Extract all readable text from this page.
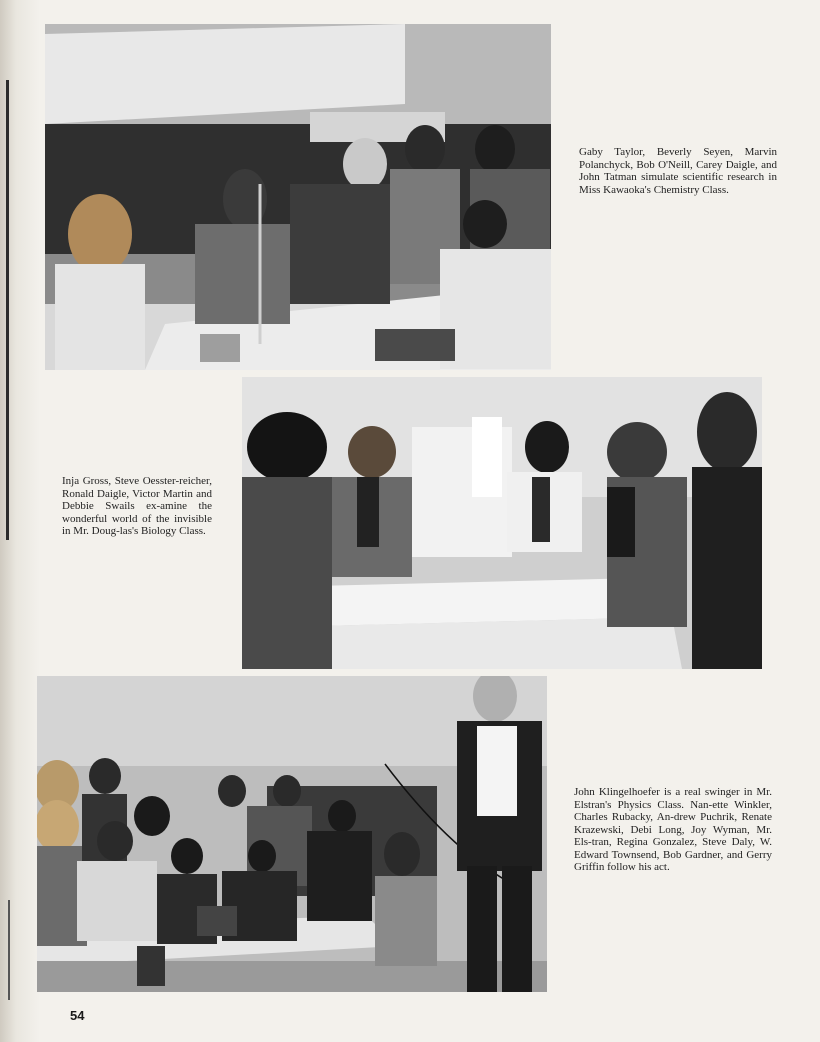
Gaby Taylor, Beverly Seyen, Marvin Polanchyck, Bob O'Neill, Carey Daigle, and John Tatman simulate scientific research in Miss Kawaoka's Chemistry Class.

Inja Gross, Steve Oesster-reicher, Ronald Daigle, Victor Martin and Debbie Swails ex-amine the wonderful world of the invisible in Mr. Doug-las's Biology Class.

John Klingelhoefer is a real swinger in Mr. Elstran's Physics Class. Nan-ette Winkler, Charles Rubacky, An-drew Puchrik, Renate Krazewski, Debi Long, Joy Wyman, Mr. Els-tran, Regina Gonzalez, Steve Daly, W. Edward Townsend, Bob Gardner, and Gerry Griffin follow his act.

54
